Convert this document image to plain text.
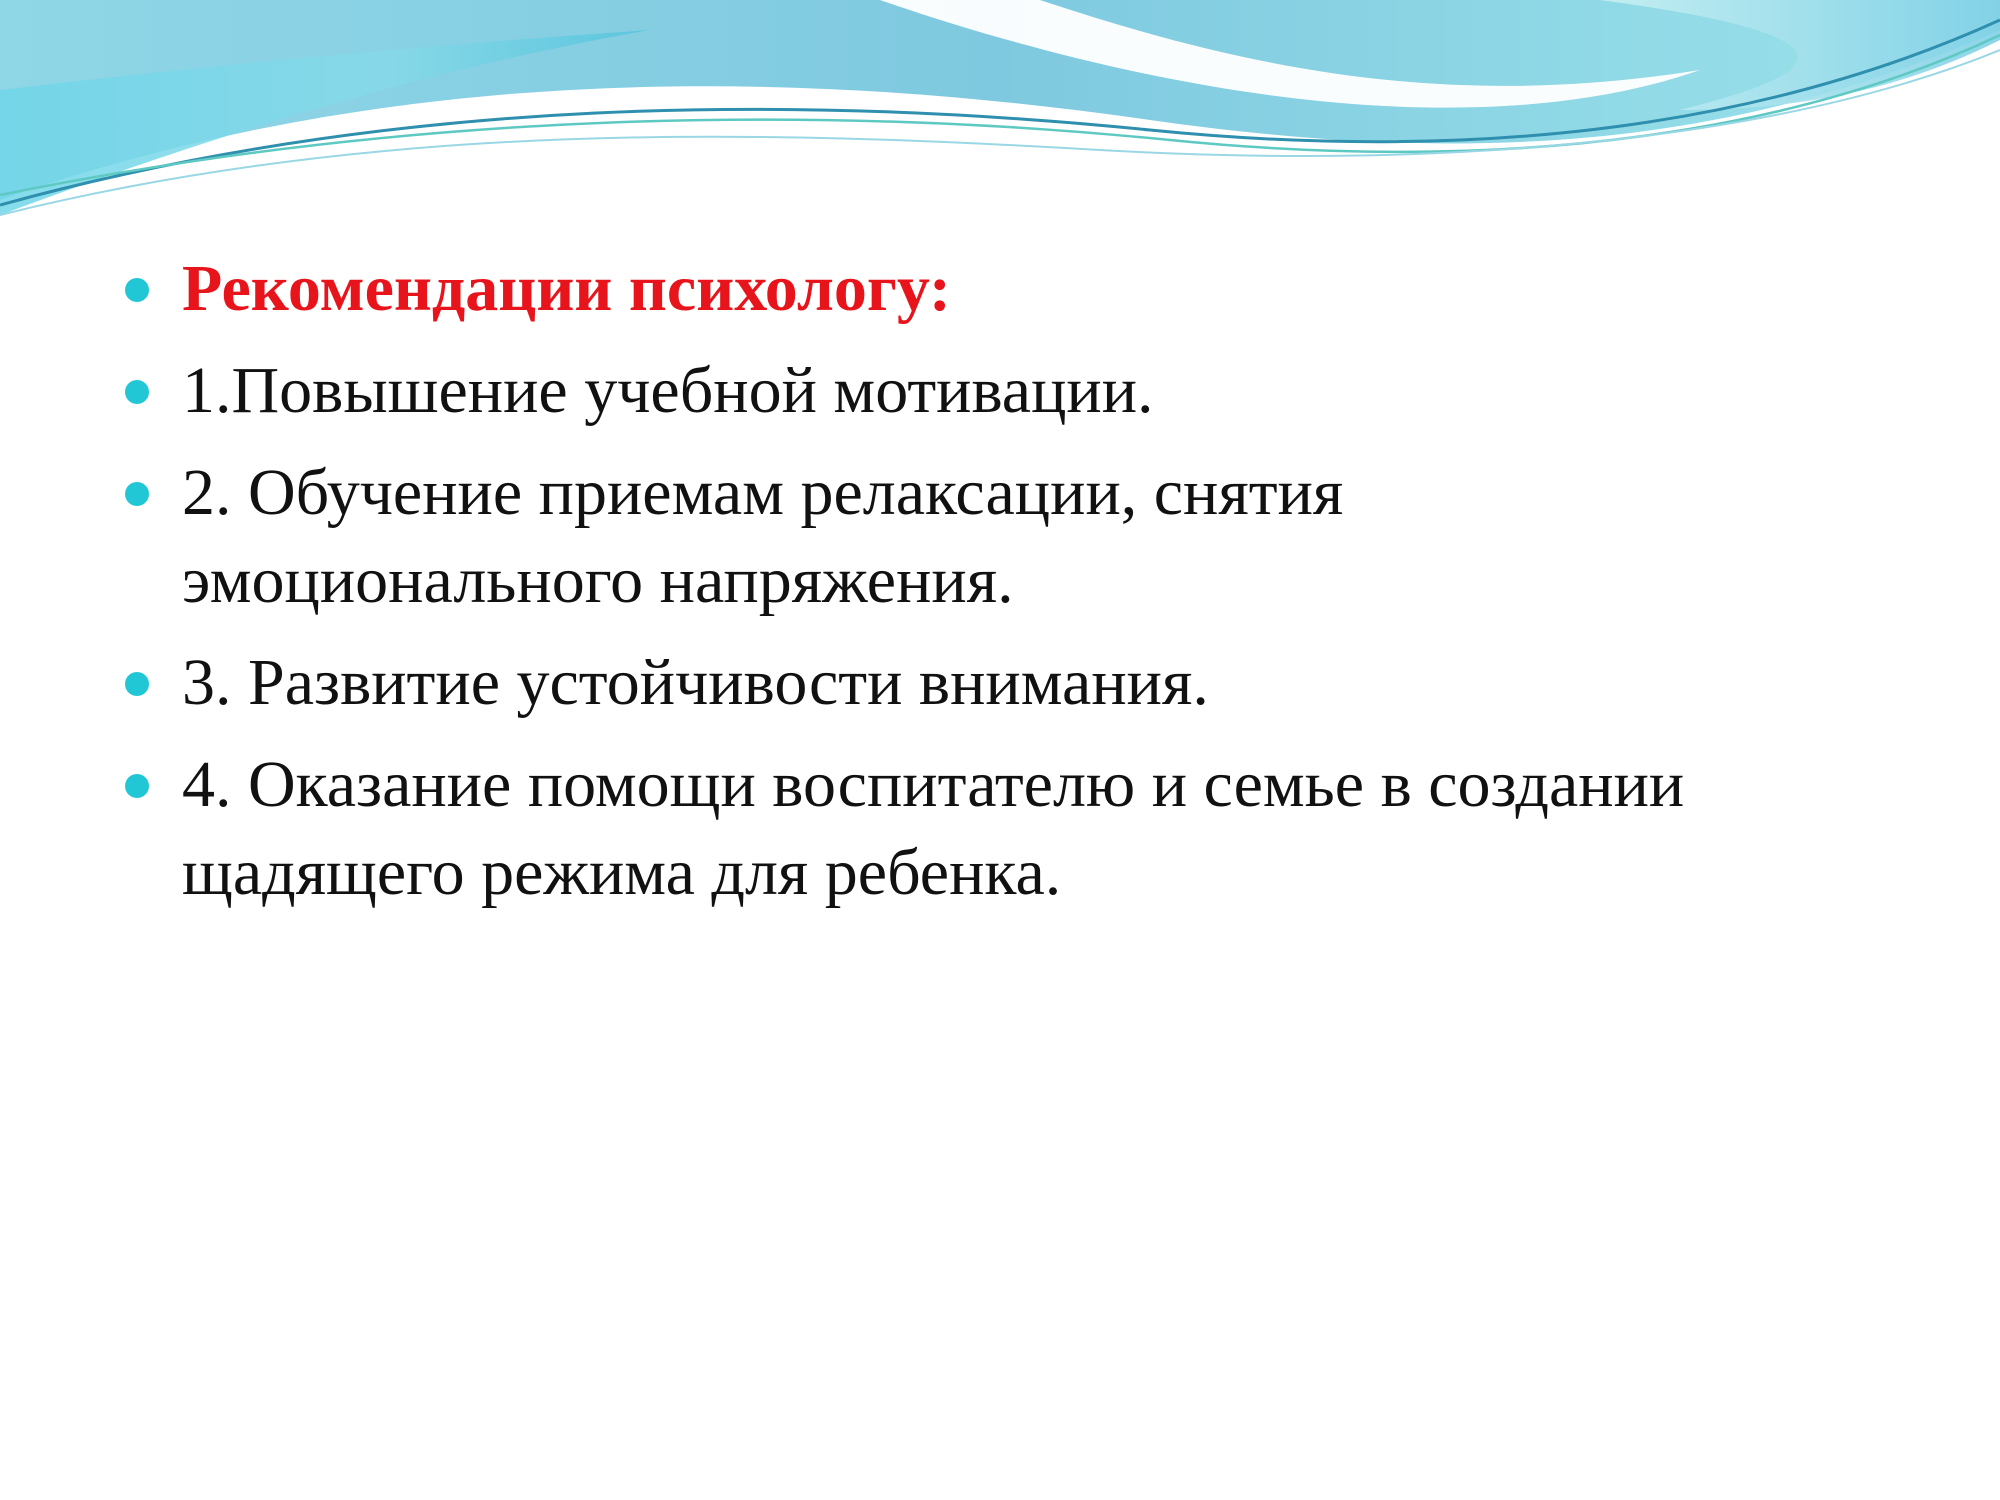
Рекомендации психологу:
1.Повышение учебной мотивации.
2. Обучение приемам релаксации, снятия эмоционального напряжения.
3. Развитие устойчивости внимания.
4. Оказание помощи воспитателю и семье в создании щадящего режима для ребенка.
